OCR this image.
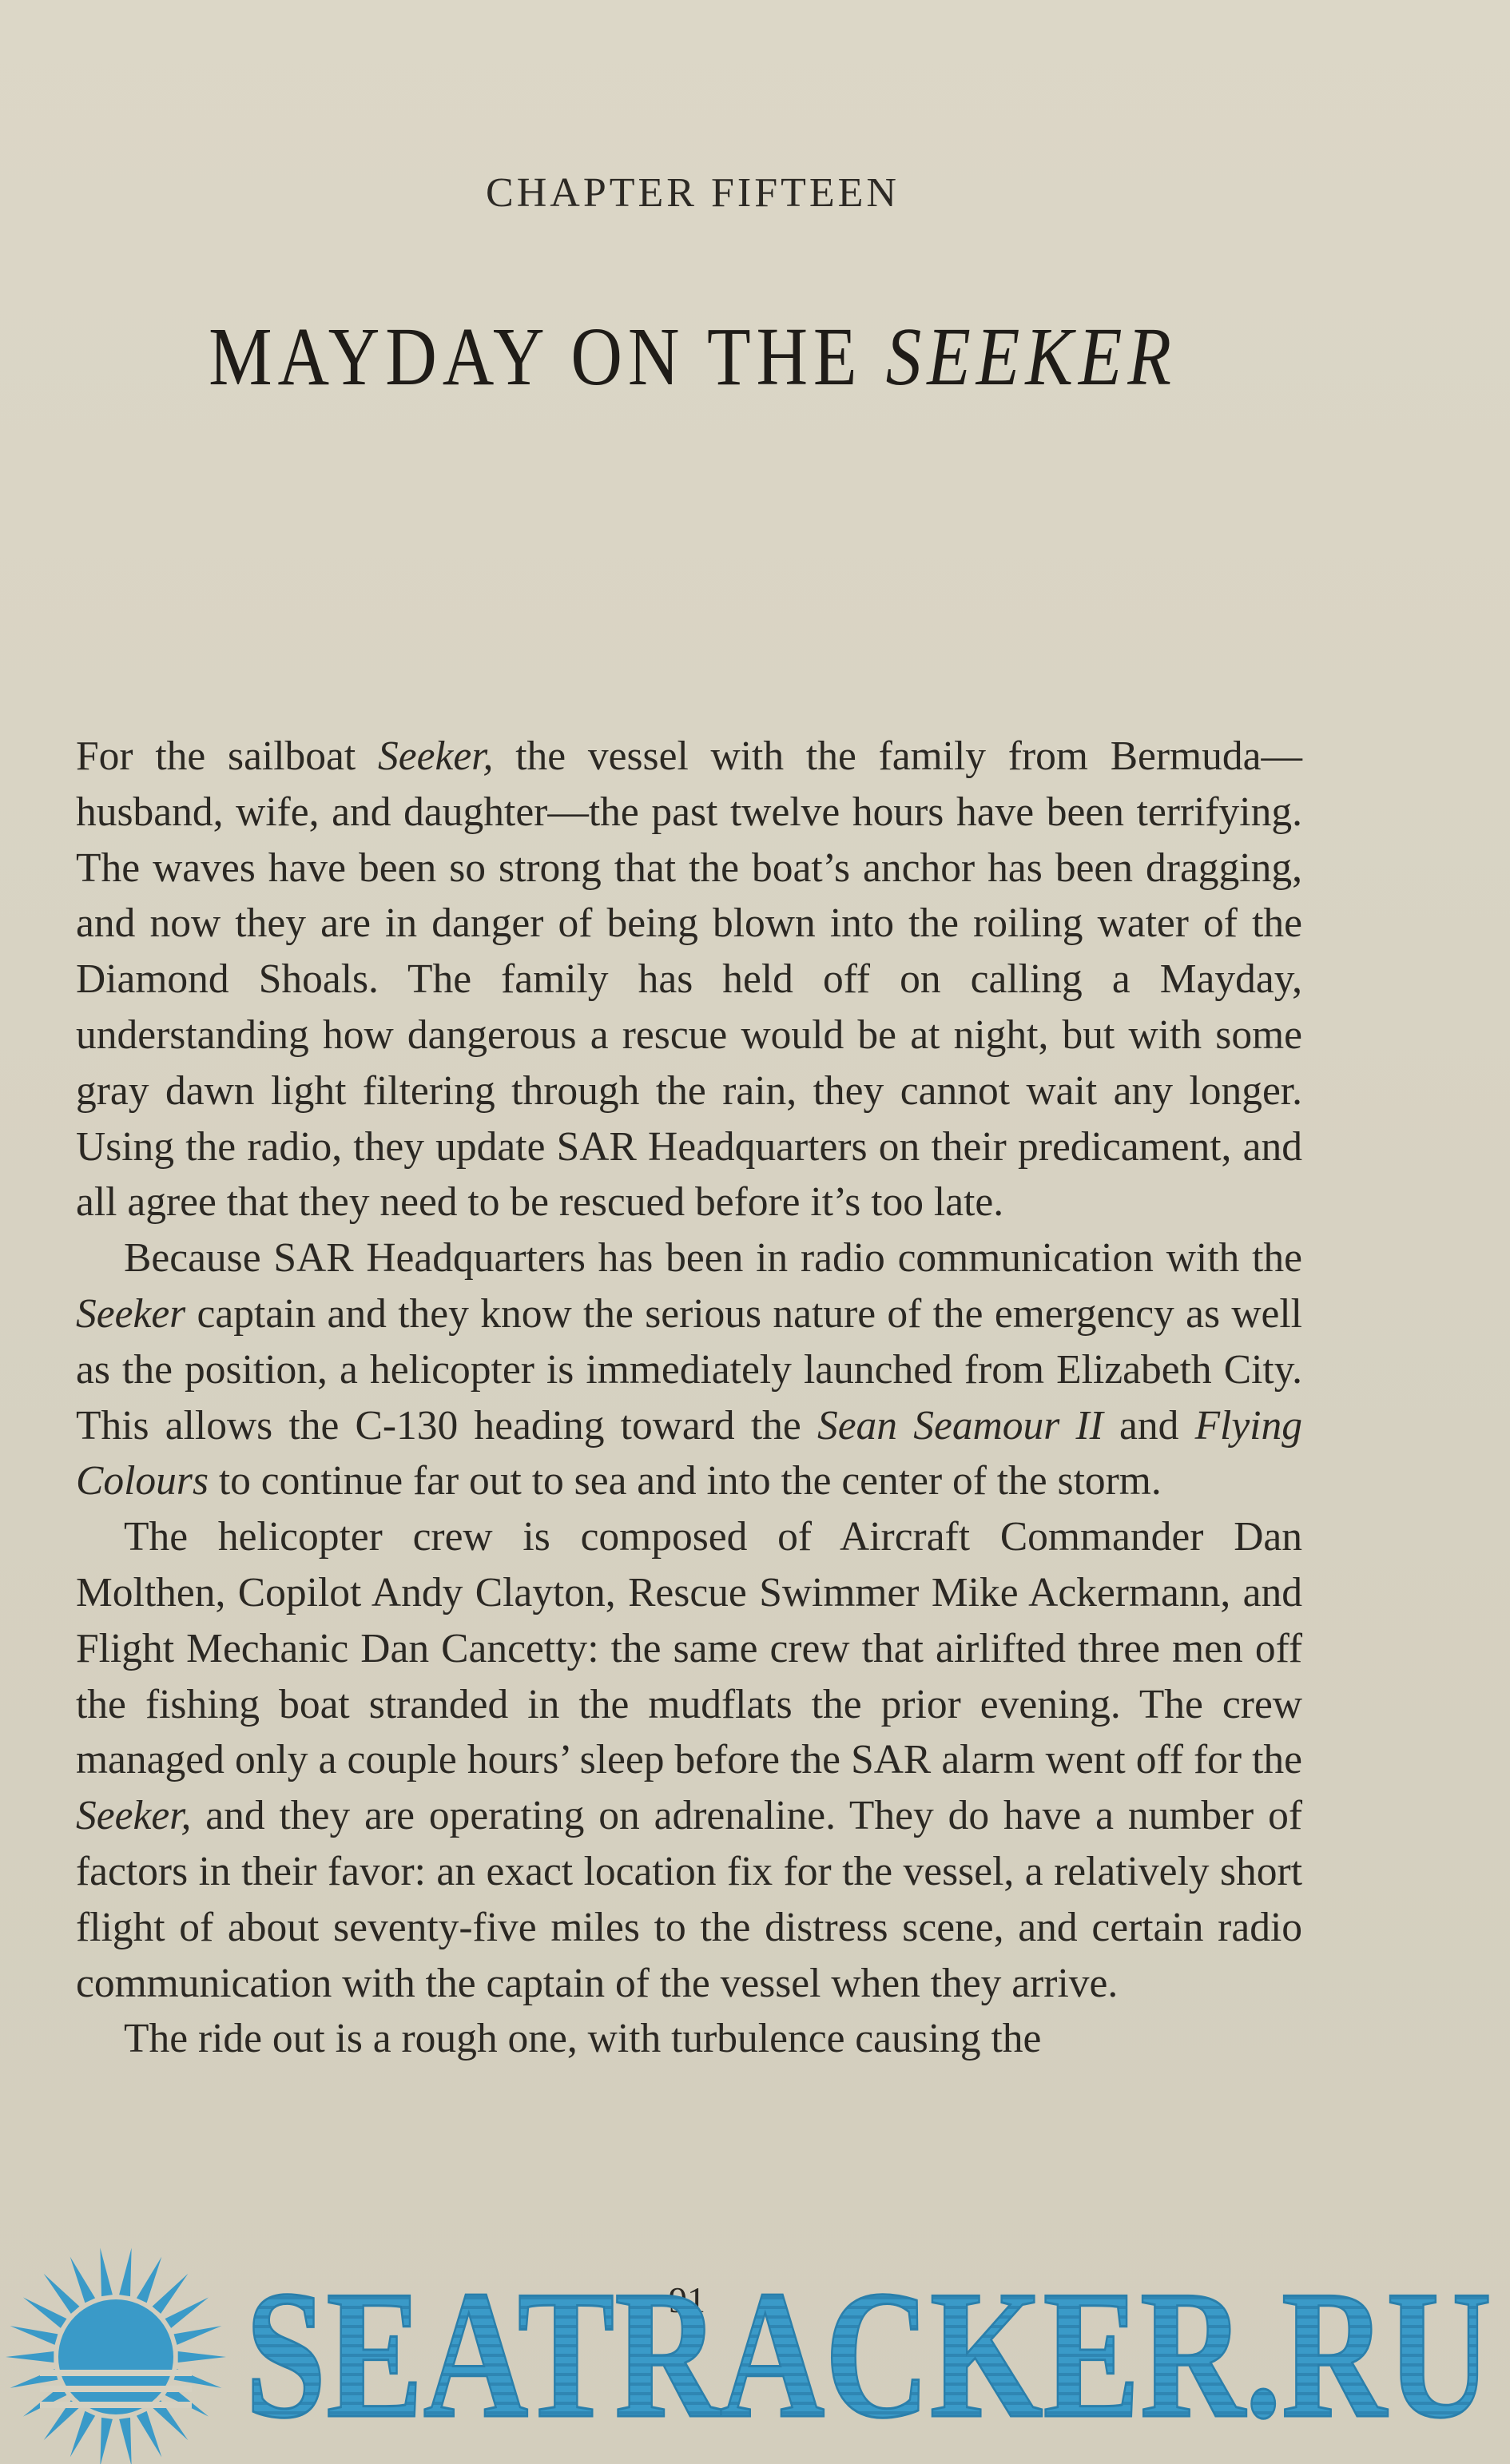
CHAPTER FIFTEEN
MAYDAY ON THE SEEKER

For the sailboat Seeker, the vessel with the family from Bermuda—husband, wife, and daughter—the past twelve hours have been terrifying. The waves have been so strong that the boat’s anchor has been dragging, and now they are in danger of being blown into the roiling water of the Diamond Shoals. The family has held off on calling a Mayday, understanding how dangerous a rescue would be at night, but with some gray dawn light filtering through the rain, they cannot wait any longer. Using the radio, they update SAR Headquarters on their predicament, and all agree that they need to be rescued before it’s too late.

Because SAR Headquarters has been in radio communication with the Seeker captain and they know the serious nature of the emergency as well as the position, a helicopter is immediately launched from Elizabeth City. This allows the C-130 heading toward the Sean Seamour II and Flying Colours to continue far out to sea and into the center of the storm.

The helicopter crew is composed of Aircraft Commander Dan Molthen, Copilot Andy Clayton, Rescue Swimmer Mike Ackermann, and Flight Mechanic Dan Cancetty: the same crew that airlifted three men off the fishing boat stranded in the mudflats the prior evening. The crew managed only a couple hours’ sleep before the SAR alarm went off for the Seeker, and they are operating on adrenaline. They do have a number of factors in their favor: an exact location fix for the vessel, a relatively short flight of about seventy-five miles to the distress scene, and certain radio communication with the captain of the vessel when they arrive.

The ride out is a rough one, with turbulence causing the

91
SEATRACKER.RU
